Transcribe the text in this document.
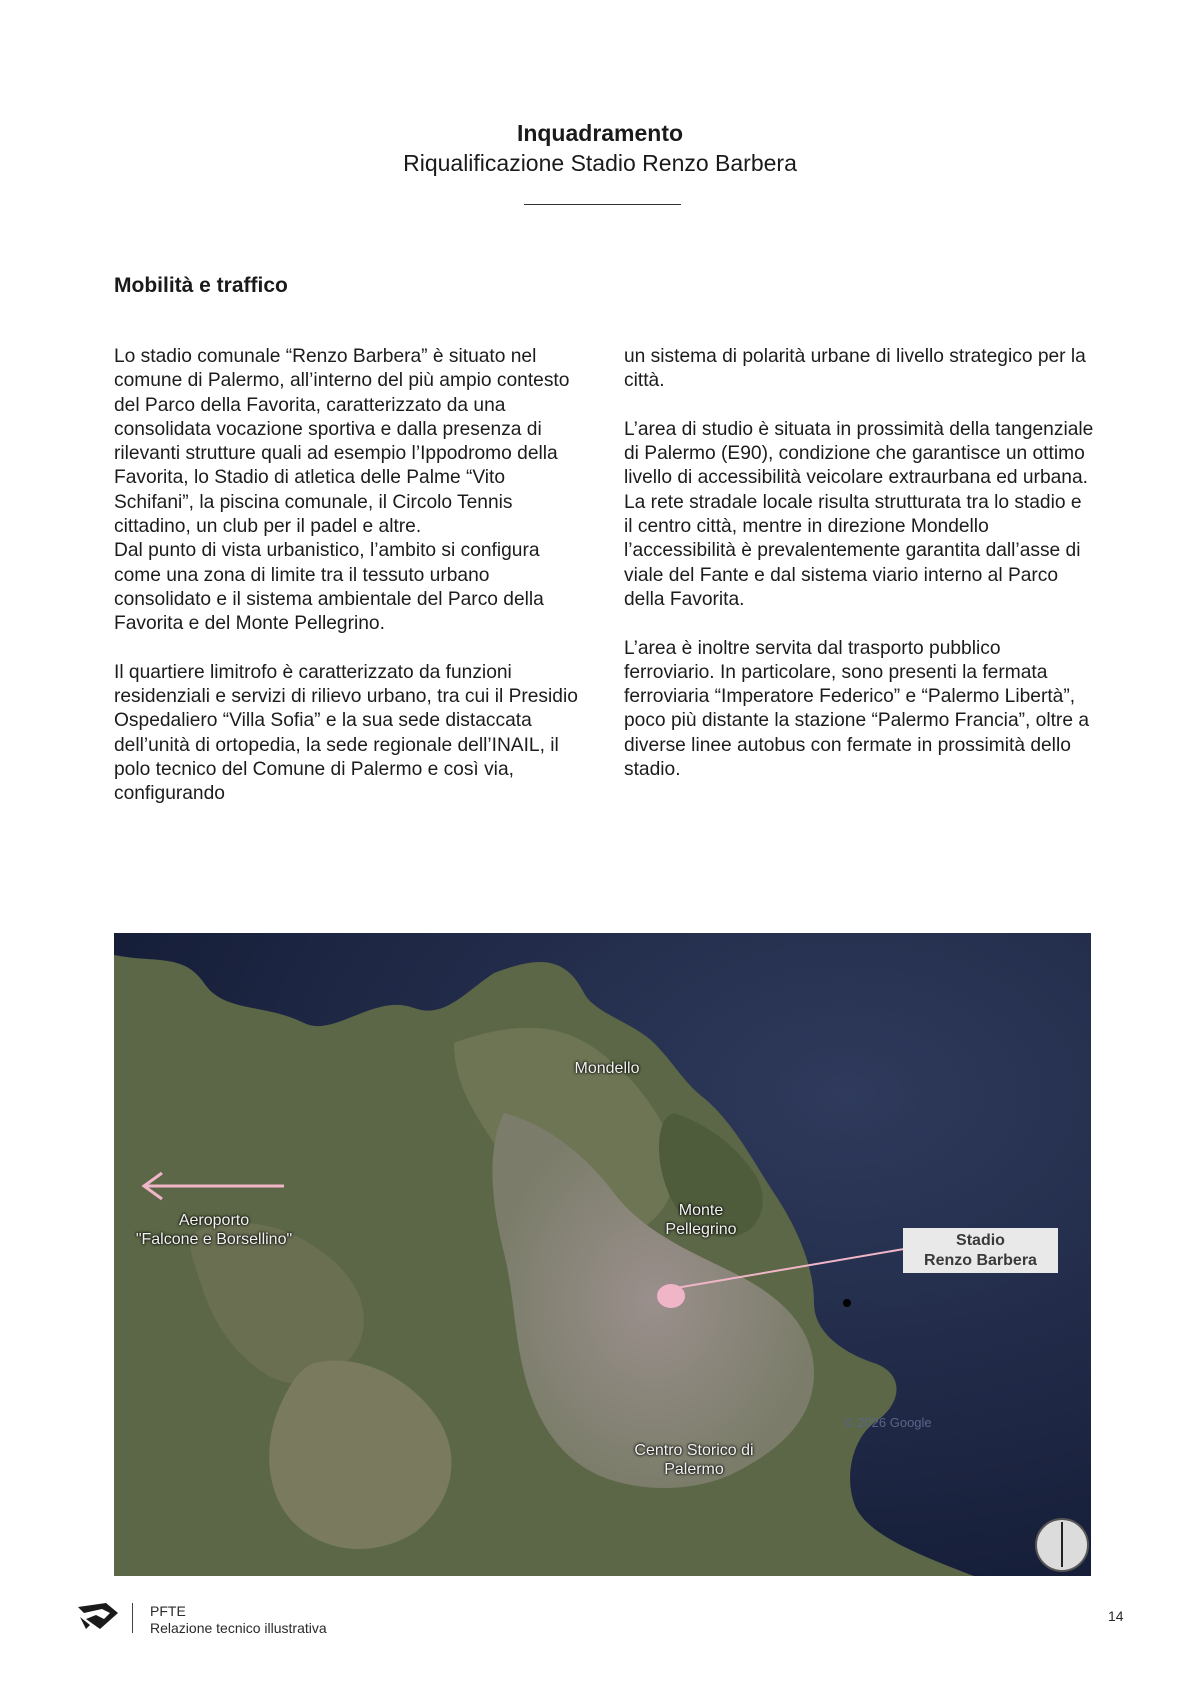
Inquadramento
Riqualificazione Stadio Renzo Barbera
Mobilità e traffico

Lo stadio comunale “Renzo Barbera” è situato nel comune di Palermo, all’interno del più ampio contesto del Parco della Favorita, caratterizzato da una consolidata vocazione sportiva e dalla presenza di rilevanti strutture quali ad esempio l’Ippodromo della Favorita, lo Stadio di atletica delle Palme “Vito Schifani”, la piscina comunale, il Circolo Tennis cittadino, un club per il padel e altre.

Dal punto di vista urbanistico, l’ambito si configura come una zona di limite tra il tessuto urbano consolidato e il sistema ambientale del Parco della Favorita e del Monte Pellegrino.

Il quartiere limitrofo è caratterizzato da funzioni residenziali e servizi di rilievo urbano, tra cui il Presidio Ospedaliero “Villa Sofia” e la sua sede distaccata dell’unità di ortopedia, la sede regionale dell’INAIL, il polo tecnico del Comune di Palermo e così via, configurando

un sistema di polarità urbane di livello strategico per la città.

L’area di studio è situata in prossimità della tangenziale di Palermo (E90), condizione che garantisce un ottimo livello di accessibilità veicolare extraurbana ed urbana. La rete stradale locale risulta strutturata tra lo stadio e il centro città, mentre in direzione Mondello l’accessibilità è prevalentemente garantita dall’asse di viale del Fante e dal sistema viario interno al Parco della Favorita.

L’area è inoltre servita dal trasporto pubblico ferroviario. In particolare, sono presenti la fermata ferroviaria “Imperatore Federico” e “Palermo Libertà”, poco più distante la stazione “Palermo Francia”, oltre a diverse linee autobus con fermate in prossimità dello stadio.

© 2026 Google
Mondello
Aeroporto
"Falcone e Borsellino"
Monte
Pellegrino
Stadio
Renzo Barbera
Centro Storico di
Palermo
PFTE
Relazione tecnico illustrativa
14
